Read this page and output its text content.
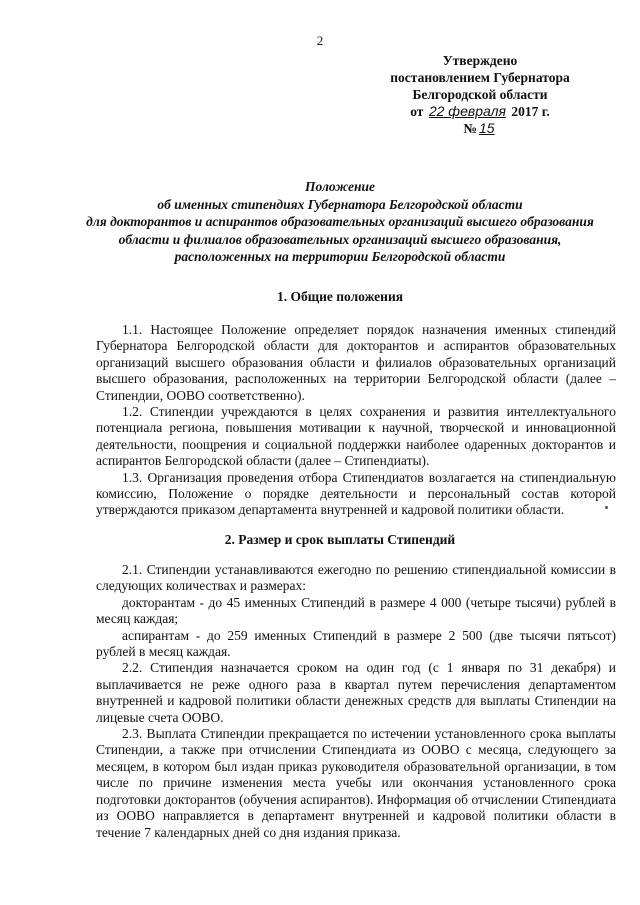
2
Утверждено
постановлением Губернатора
Белгородской области
от 22 февраля 2017 г.
№ 15
Положение
об именных стипендиях Губернатора Белгородской области
для докторантов и аспирантов образовательных организаций высшего образования
области и филиалов образовательных организаций высшего образования,
расположенных на территории Белгородской области
1. Общие положения

1.1. Настоящее Положение определяет порядок назначения именных стипендий Губернатора Белгородской области для докторантов и аспирантов образовательных организаций высшего образования области и филиалов образовательных организаций высшего образования, расположенных на территории Белгородской области (далее – Стипендии, ООВО соответственно).

1.2. Стипендии учреждаются в целях сохранения и развития интеллектуального потенциала региона, повышения мотивации к научной, творческой и инновационной деятельности, поощрения и социальной поддержки наиболее одаренных докторантов и аспирантов Белгородской области (далее – Стипендиаты).

1.3. Организация проведения отбора Стипендиатов возлагается на стипендиальную комиссию, Положение о порядке деятельности и персональный состав которой утверждаются приказом департамента внутренней и кадровой политики области.

2. Размер и срок выплаты Стипендий

2.1. Стипендии устанавливаются ежегодно по решению стипендиальной комиссии в следующих количествах и размерах:

докторантам - до 45 именных Стипендий в размере 4 000 (четыре тысячи) рублей в месяц каждая;

аспирантам - до 259 именных Стипендий в размере 2 500 (две тысячи пятьсот) рублей в месяц каждая.

2.2. Стипендия назначается сроком на один год (с 1 января по 31 декабря) и выплачивается не реже одного раза в квартал путем перечисления департаментом внутренней и кадровой политики области денежных средств для выплаты Стипендии на лицевые счета ООВО.

2.3. Выплата Стипендии прекращается по истечении установленного срока выплаты Стипендии, а также при отчислении Стипендиата из ООВО с месяца, следующего за месяцем, в котором был издан приказ руководителя образовательной организации, в том числе по причине изменения места учебы или окончания установленного срока подготовки докторантов (обучения аспирантов). Информация об отчислении Стипендиата из ООВО направляется в департамент внутренней и кадровой политики области в течение 7 календарных дней со дня издания приказа.
